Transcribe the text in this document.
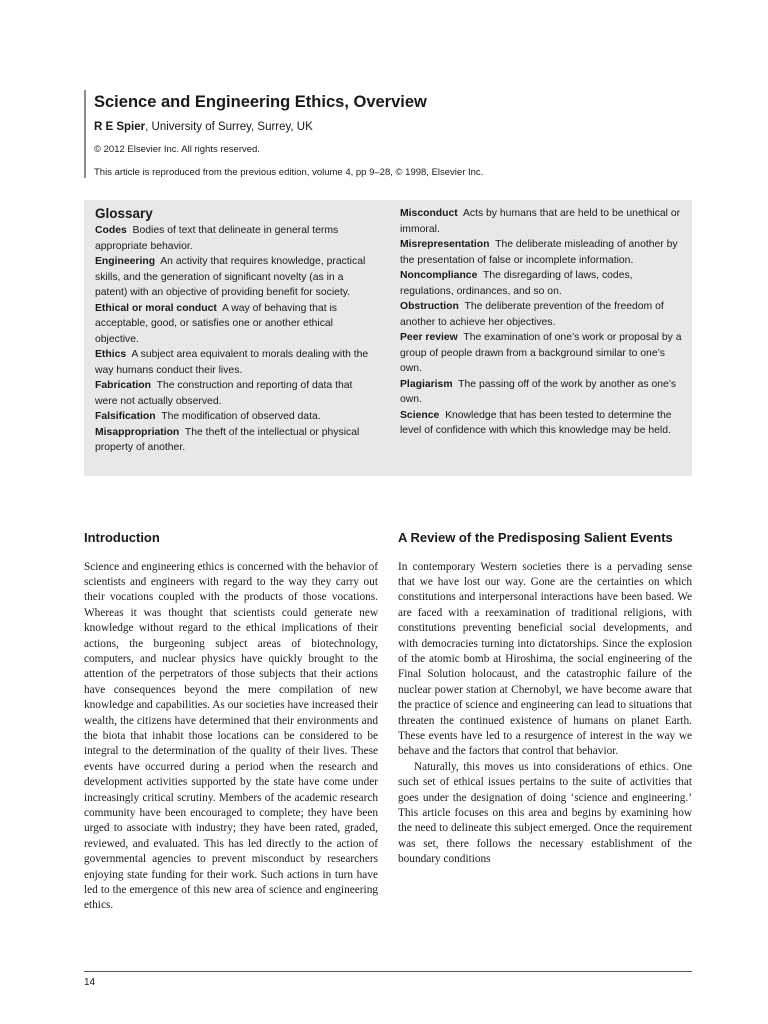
Science and Engineering Ethics, Overview
R E Spier, University of Surrey, Surrey, UK
© 2012 Elsevier Inc. All rights reserved.
This article is reproduced from the previous edition, volume 4, pp 9–28, © 1998, Elsevier Inc.
Glossary

Codes Bodies of text that delineate in general terms appropriate behavior.

Engineering An activity that requires knowledge, practical skills, and the generation of significant novelty (as in a patent) with an objective of providing benefit for society.

Ethical or moral conduct A way of behaving that is acceptable, good, or satisfies one or another ethical objective.

Ethics A subject area equivalent to morals dealing with the way humans conduct their lives.

Fabrication The construction and reporting of data that were not actually observed.

Falsification The modification of observed data.

Misappropriation The theft of the intellectual or physical property of another.

Misconduct Acts by humans that are held to be unethical or immoral.

Misrepresentation The deliberate misleading of another by the presentation of false or incomplete information.

Noncompliance The disregarding of laws, codes, regulations, ordinances, and so on.

Obstruction The deliberate prevention of the freedom of another to achieve her objectives.

Peer review The examination of one’s work or proposal by a group of people drawn from a background similar to one’s own.

Plagiarism The passing off of the work by another as one’s own.

Science Knowledge that has been tested to determine the level of confidence with which this knowledge may be held.

Introduction

Science and engineering ethics is concerned with the behavior of scientists and engineers with regard to the way they carry out their vocations coupled with the products of those vocations. Whereas it was thought that scientists could generate new knowledge without regard to the ethical implications of their actions, the burgeoning subject areas of biotechnology, computers, and nuclear physics have quickly brought to the attention of the perpetrators of those subjects that their actions have consequences beyond the mere compilation of new knowledge and capabilities. As our societies have increased their wealth, the citizens have determined that their environments and the biota that inhabit those locations can be considered to be integral to the determination of the quality of their lives. These events have occurred during a period when the research and development activities supported by the state have come under increasingly critical scrutiny. Members of the academic research community have been encouraged to complete; they have been urged to associate with industry; they have been rated, graded, reviewed, and evaluated. This has led directly to the action of governmental agencies to prevent misconduct by researchers enjoying state funding for their work. Such actions in turn have led to the emergence of this new area of science and engineering ethics.

A Review of the Predisposing Salient Events

In contemporary Western societies there is a pervading sense that we have lost our way. Gone are the certainties on which constitutions and interpersonal interactions have been based. We are faced with a reexamination of traditional religions, with constitutions preventing beneficial social developments, and with democracies turning into dictatorships. Since the explosion of the atomic bomb at Hiroshima, the social engineering of the Final Solution holocaust, and the catastrophic failure of the nuclear power station at Chernobyl, we have become aware that the practice of science and engineering can lead to situations that threaten the continued existence of humans on planet Earth. These events have led to a resurgence of interest in the way we behave and the factors that control that behavior.

Naturally, this moves us into considerations of ethics. One such set of ethical issues pertains to the suite of activities that goes under the designation of doing ‘science and engineering.’ This article focuses on this area and begins by examining how the need to delineate this subject emerged. Once the requirement was set, there follows the necessary establishment of the boundary conditions

14
